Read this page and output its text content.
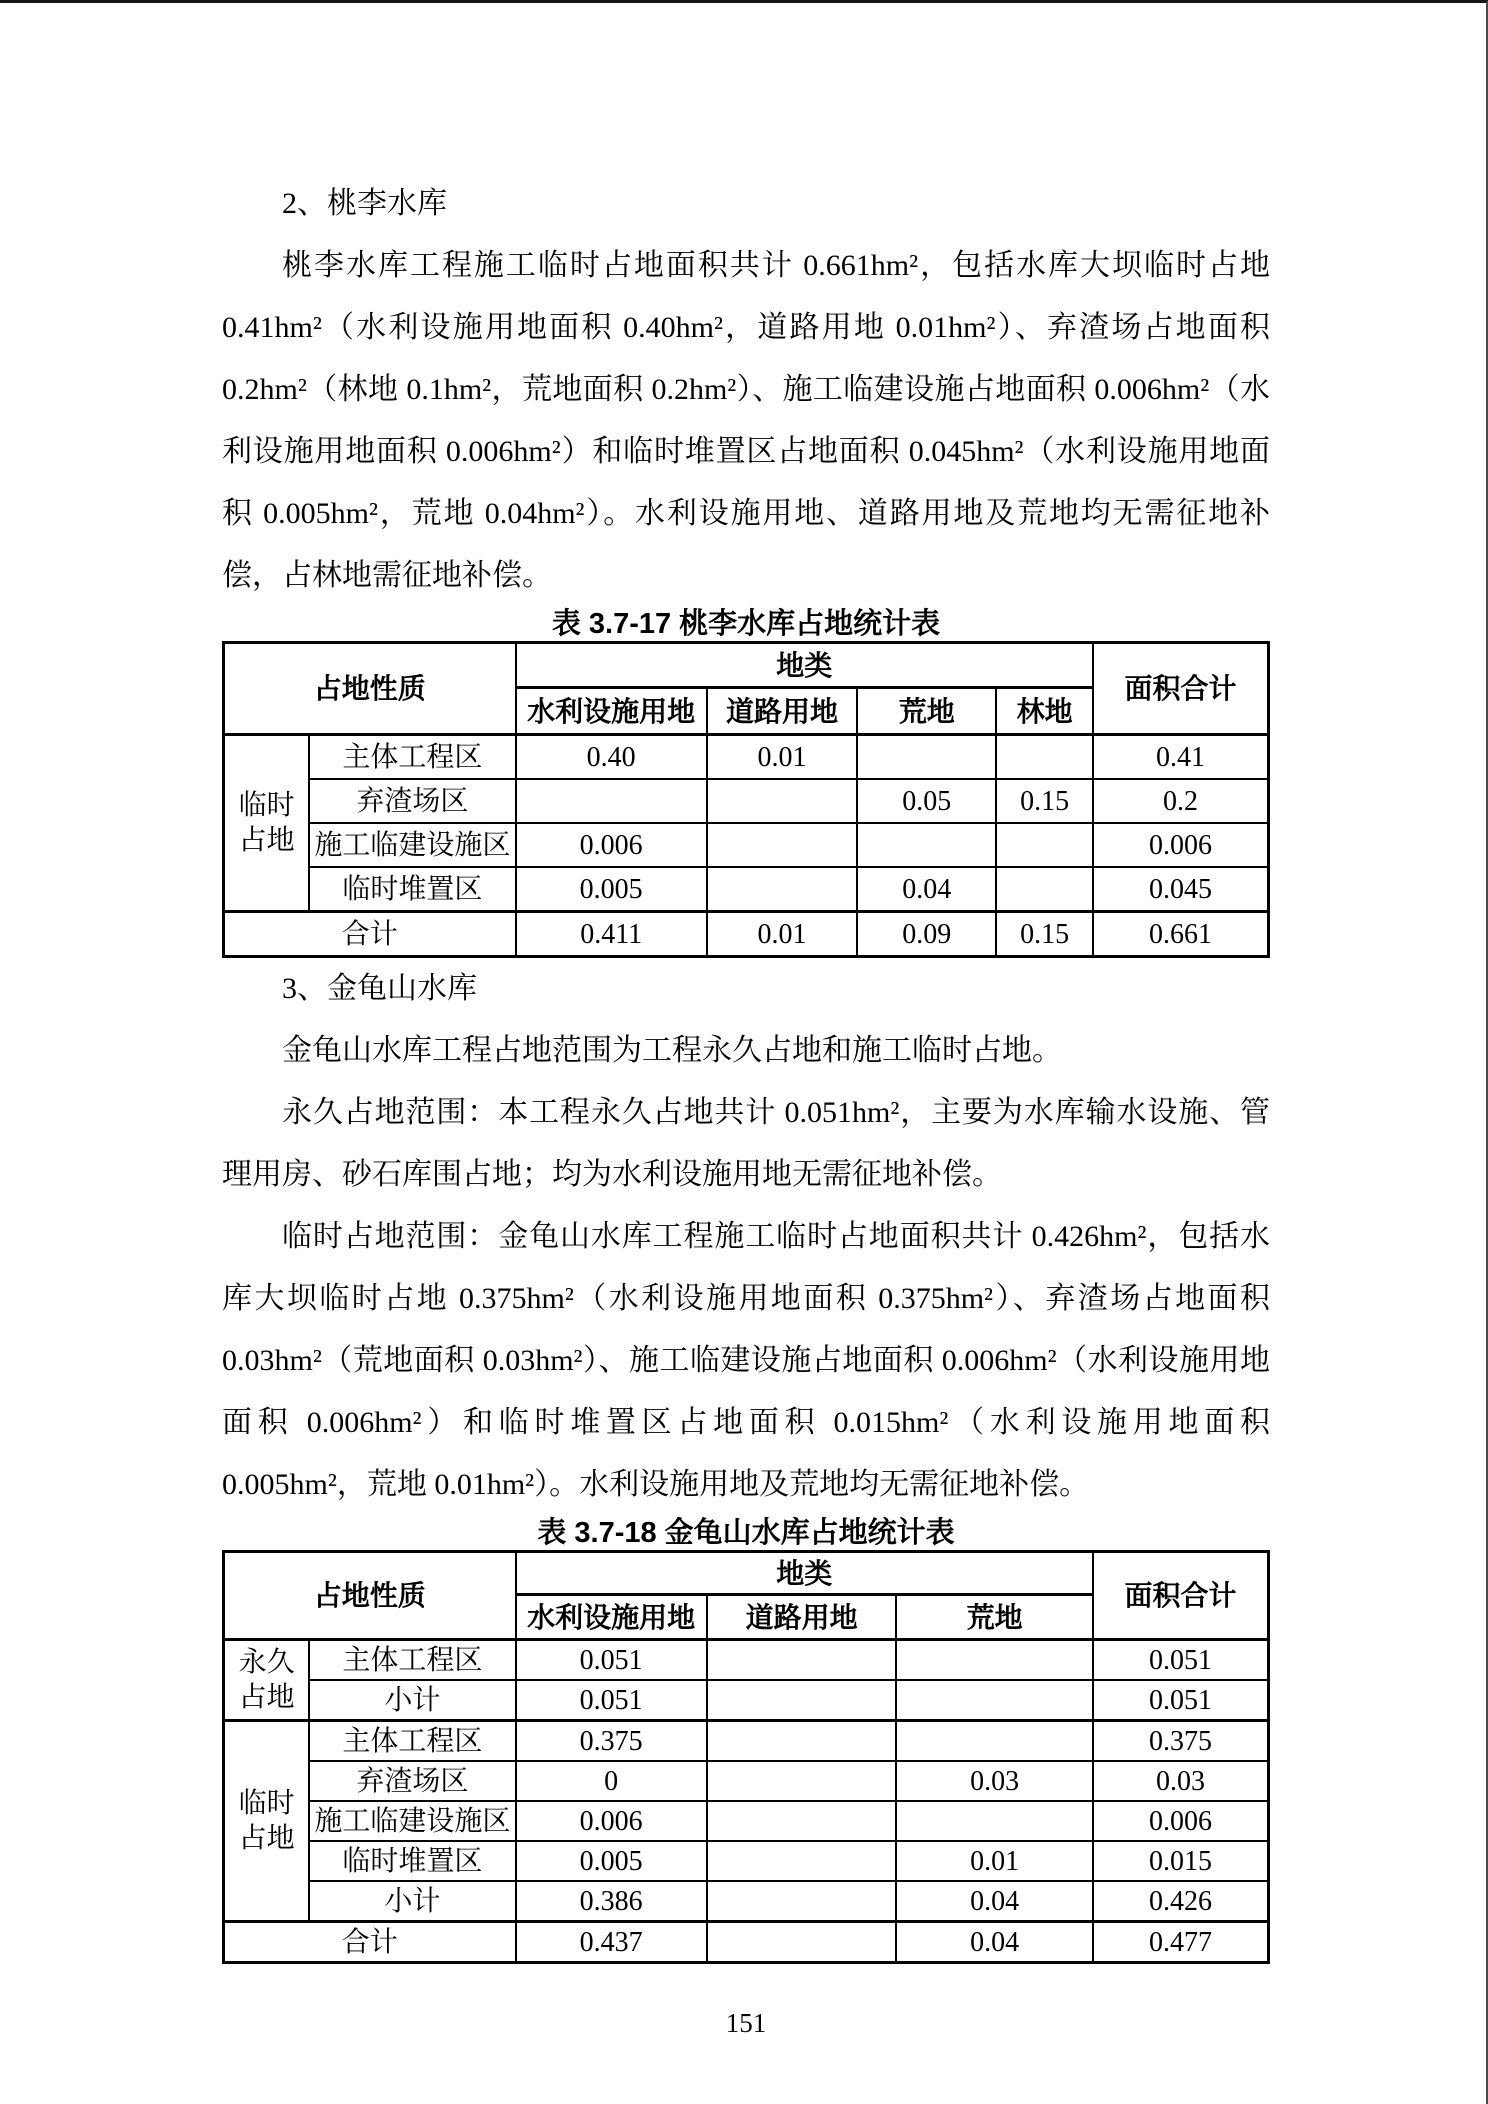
2、桃李水库

桃李水库工程施工临时占地面积共计 0.661hm²，包括水库大坝临时占地 0.41hm²（水利设施用地面积 0.40hm²，道路用地 0.01hm²）、弃渣场占地面积 0.2hm²（林地 0.1hm²，荒地面积 0.2hm²）、施工临建设施占地面积 0.006hm²（水利设施用地面积 0.006hm²）和临时堆置区占地面积 0.045hm²（水利设施用地面积 0.005hm²，荒地 0.04hm²）。水利设施用地、道路用地及荒地均无需征地补偿，占林地需征地补偿。

表 3.7-17 桃李水库占地统计表

占地性质		地类				面积合计
		水利设施用地	道路用地	荒地	林地	
临时占地	主体工程区	0.40	0.01			0.41
	弃渣场区			0.05	0.15	0.2
	施工临建设施区	0.006				0.006
	临时堆置区	0.005		0.04		0.045
合计		0.411	0.01	0.09	0.15	0.661

3、金龟山水库

金龟山水库工程占地范围为工程永久占地和施工临时占地。

永久占地范围：本工程永久占地共计 0.051hm²，主要为水库输水设施、管理用房、砂石库围占地；均为水利设施用地无需征地补偿。

临时占地范围：金龟山水库工程施工临时占地面积共计 0.426hm²，包括水库大坝临时占地 0.375hm²（水利设施用地面积 0.375hm²）、弃渣场占地面积 0.03hm²（荒地面积 0.03hm²）、施工临建设施占地面积 0.006hm²（水利设施用地面积 0.006hm²）和临时堆置区占地面积 0.015hm²（水利设施用地面积 0.005hm²，荒地 0.01hm²）。水利设施用地及荒地均无需征地补偿。

表 3.7-18 金龟山水库占地统计表

占地性质		地类			面积合计
		水利设施用地	道路用地	荒地	
永久占地	主体工程区	0.051			0.051
	小计	0.051			0.051
临时占地	主体工程区	0.375			0.375
	弃渣场区	0		0.03	0.03
	施工临建设施区	0.006			0.006
	临时堆置区	0.005		0.01	0.015
	小计	0.386		0.04	0.426
合计		0.437		0.04	0.477
151
